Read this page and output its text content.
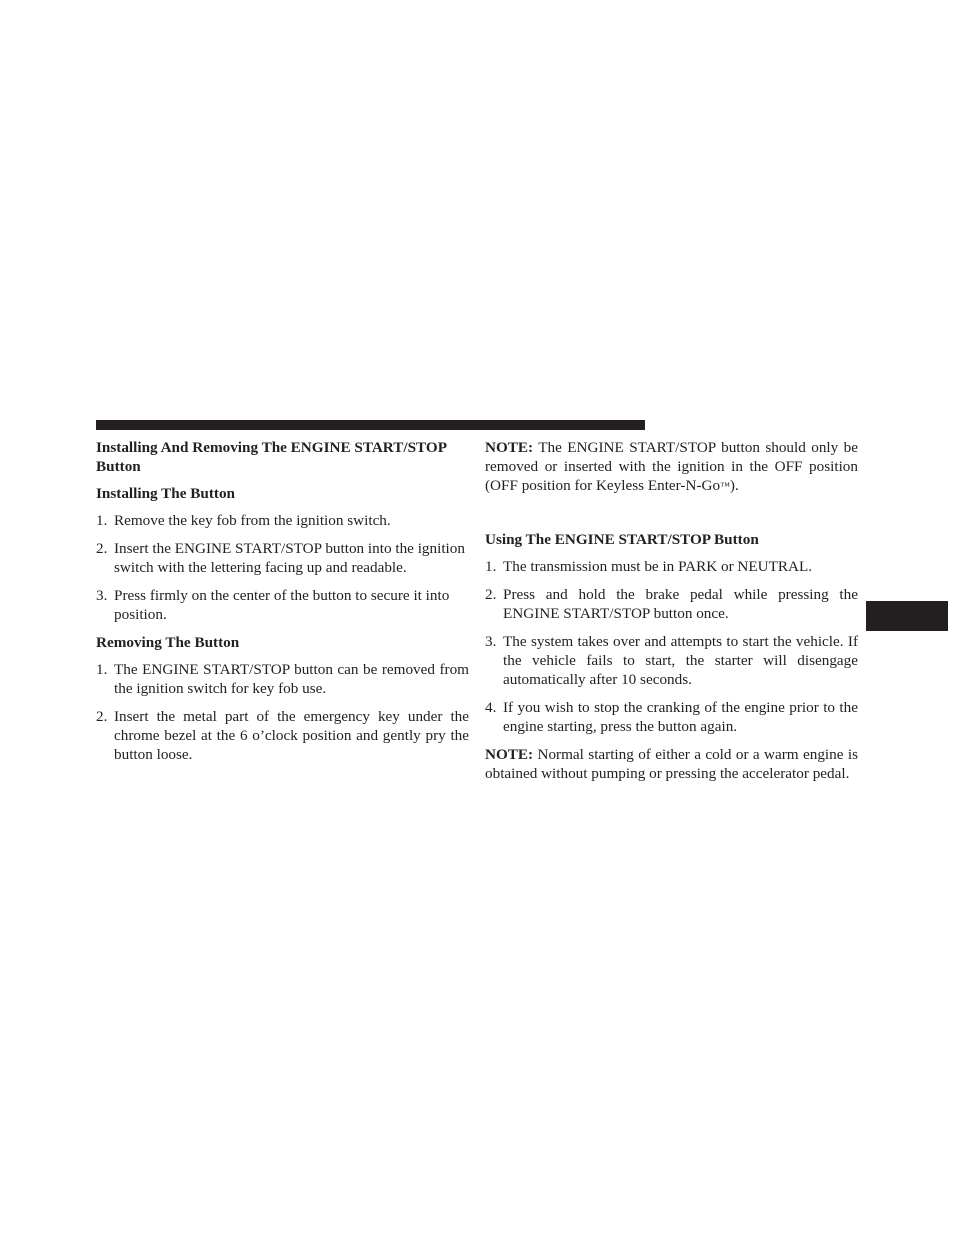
Installing And Removing The ENGINE START/STOP Button
Installing The Button
1. Remove the key fob from the ignition switch.
2. Insert the ENGINE START/STOP button into the ignition switch with the lettering facing up and readable.
3. Press firmly on the center of the button to secure it into position.
Removing The Button
1. The ENGINE START/STOP button can be removed from the ignition switch for key fob use.
2. Insert the metal part of the emergency key under the chrome bezel at the 6 o’clock position and gently pry the button loose.

NOTE: The ENGINE START/STOP button should only be removed or inserted with the ignition in the OFF position (OFF position for Keyless Enter-N-Go™).

Using The ENGINE START/STOP Button
1. The transmission must be in PARK or NEUTRAL.
2. Press and hold the brake pedal while pressing the ENGINE START/STOP button once.
3. The system takes over and attempts to start the vehicle. If the vehicle fails to start, the starter will disengage automatically after 10 seconds.
4. If you wish to stop the cranking of the engine prior to the engine starting, press the button again.

NOTE: Normal starting of either a cold or a warm engine is obtained without pumping or pressing the accelerator pedal.
